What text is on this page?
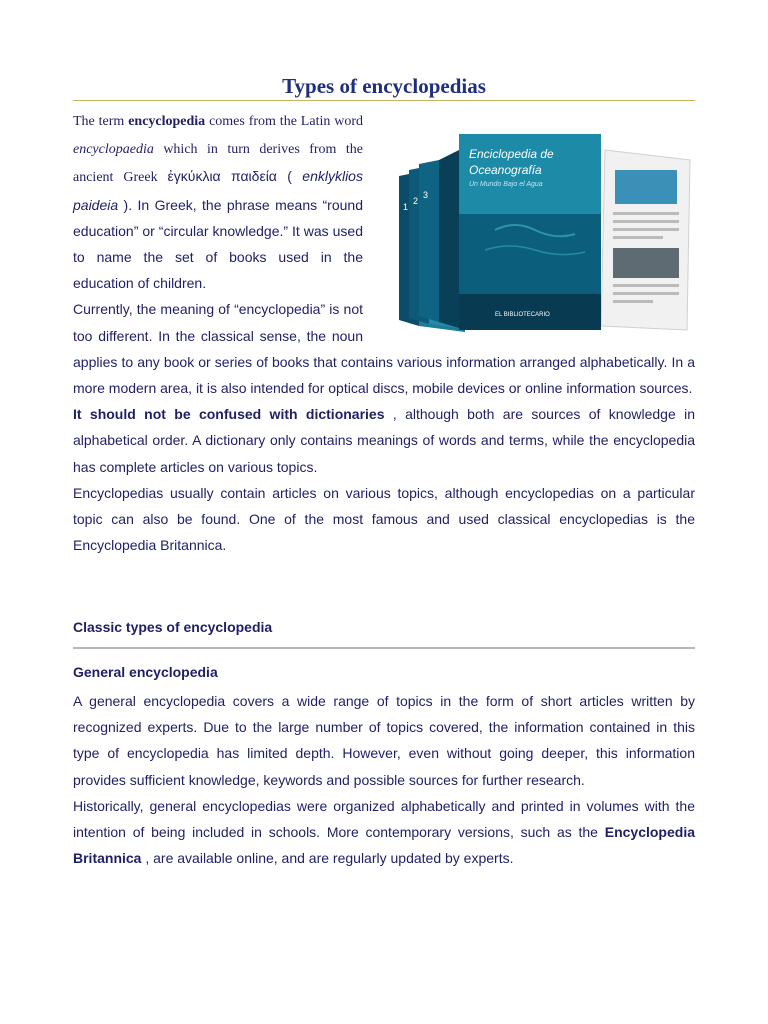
Types of encyclopedias
3
2
1
Enciclopedia de
Oceanografía
Un Mundo Bajo el Agua
EL BIBLIOTECARIO

The term encyclopedia comes from the Latin word encyclopaedia which in turn derives from the ancient Greek ἐγκύκλια παιδεία ( enklyklios paideia ). In Greek, the phrase means “round education” or “circular knowledge.” It was used to name the set of books used in the education of children.

Currently, the meaning of “encyclopedia” is not too different. In the classical sense, the noun applies to any book or series of books that contains various information arranged alphabetically. In a more modern area, it is also intended for optical discs, mobile devices or online information sources.

It should not be confused with dictionaries , although both are sources of knowledge in alphabetical order. A dictionary only contains meanings of words and terms, while the encyclopedia has complete articles on various topics.

Encyclopedias usually contain articles on various topics, although encyclopedias on a particular topic can also be found. One of the most famous and used classical encyclopedias is the Encyclopedia Britannica.

Classic types of encyclopedia
General encyclopedia

A general encyclopedia covers a wide range of topics in the form of short articles written by recognized experts. Due to the large number of topics covered, the information contained in this type of encyclopedia has limited depth. However, even without going deeper, this information provides sufficient knowledge, keywords and possible sources for further research.

Historically, general encyclopedias were organized alphabetically and printed in volumes with the intention of being included in schools. More contemporary versions, such as the Encyclopedia Britannica , are available online, and are regularly updated by experts.
